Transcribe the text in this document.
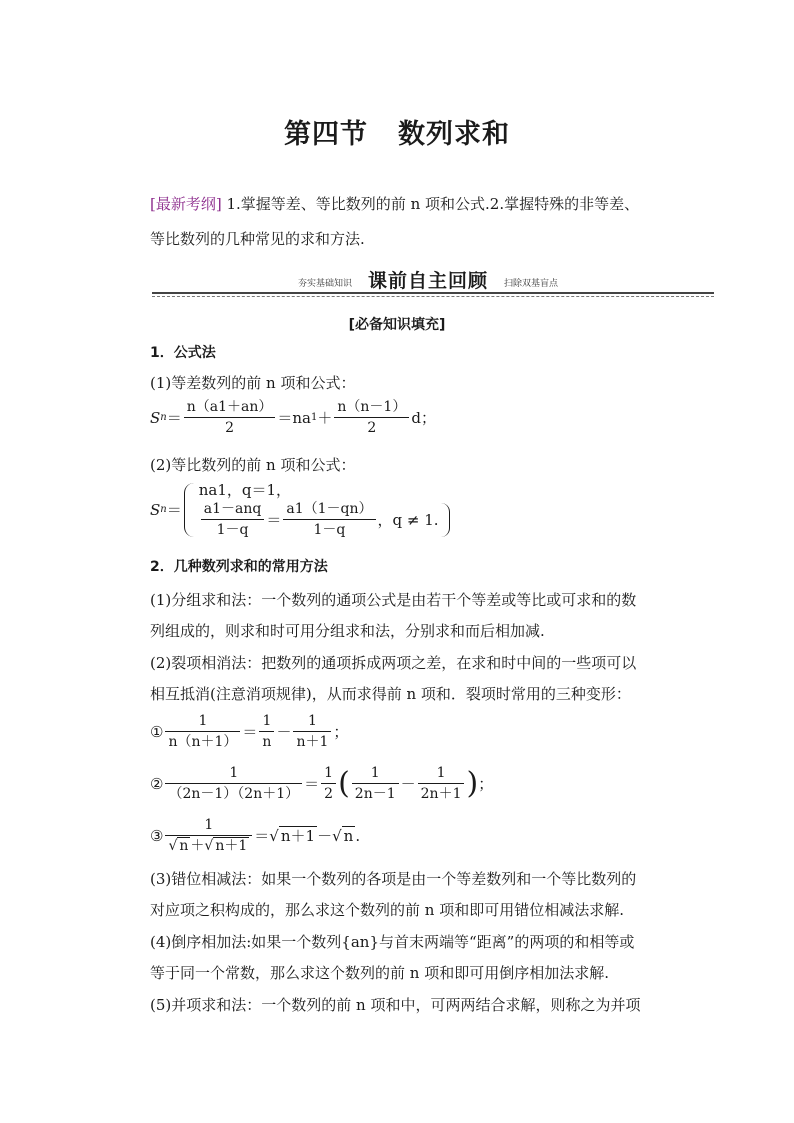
第四节 数列求和
[最新考纲] 1.掌握等差、等比数列的前 n 项和公式.2.掌握特殊的非等差、
等比数列的几种常见的求和方法.
夯实基础知识 课前自主回顾 扫除双基盲点
[必备知识填充]
1．公式法
(1)等差数列的前 n 项和公式：
S $n = \frac{n(a1+an)}{2} =na$ $1 + \frac{n(n-1)}{2}$ d；
(2)等比数列的前 n 项和公式：
S n ＝
na1，q＝1，
$\frac{\text{a1－anq}}{1-q} = \frac{a1(1-qn)}{1-q}$ ，q ≠ 1.
2．几种数列求和的常用方法
(1)分组求和法：一个数列的通项公式是由若干个等差或等比或可求和的数
列组成的，则求和时可用分组求和法，分别求和而后相加减.
(2)裂项相消法：把数列的通项拆成两项之差，在求和时中间的一些项可以
相互抵消(注意消项规律)，从而求得前 n 项和．裂项时常用的三种变形：
① $\frac{1}{n(n+1)} = \frac{1}{n} - \frac{1}{n+1}$ ；
② $\frac{1}{(2n-1)(2n+1)} = \frac{1}{2}$ ( $\frac{1}{2n-1} - \frac{1}{2n+1}$ ) ；
③ $\frac{1}{√ n +√ n+1}$ ＝ √ n＋1 － √ n .
(3)错位相减法：如果一个数列的各项是由一个等差数列和一个等比数列的
对应项之积构成的，那么求这个数列的前 n 项和即可用错位相减法求解.
(4)倒序相加法:如果一个数列{an}与首末两端等“距离”的两项的和相等或
等于同一个常数，那么求这个数列的前 n 项和即可用倒序相加法求解.
(5)并项求和法：一个数列的前 n 项和中，可两两结合求解，则称之为并项
